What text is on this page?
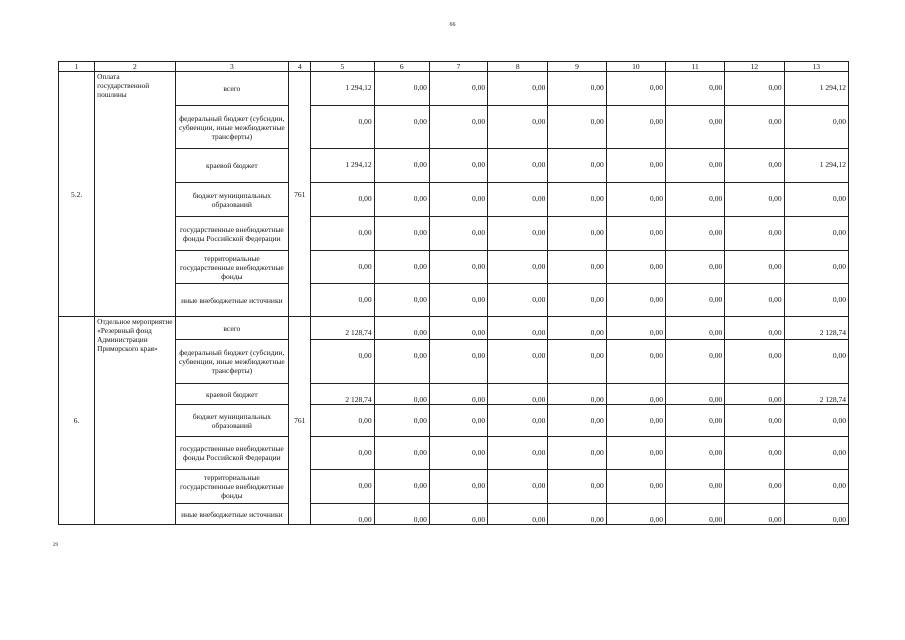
66
1	2	3	4	5	6	7	8	9	10	11	12	13
5.2.	Оплата государственной пошлины	всего	761	1 294,12	0,00	0,00	0,00	0,00	0,00	0,00	0,00	1 294,12
		федеральный бюджет (субсидии, субвенции, иные межбюджетные трансферты)		0,00	0,00	0,00	0,00	0,00	0,00	0,00	0,00	0,00
		краевой бюджет		1 294,12	0,00	0,00	0,00	0,00	0,00	0,00	0,00	1 294,12
		бюджет муниципальных образований		0,00	0,00	0,00	0,00	0,00	0,00	0,00	0,00	0,00
		государственные внебюджетные фонды Российской Федерации		0,00	0,00	0,00	0,00	0,00	0,00	0,00	0,00	0,00
		территориальные государственные внебюджетные фонды		0,00	0,00	0,00	0,00	0,00	0,00	0,00	0,00	0,00
		иные внебюджетные источники		0,00	0,00	0,00	0,00	0,00	0,00	0,00	0,00	0,00
6.	Отдельное мероприятие «Резервный фонд Администрации Приморского края»	всего	761	2 128,74	0,00	0,00	0,00	0,00	0,00	0,00	0,00	2 128,74
		федеральный бюджет (субсидии, субвенции, иные межбюджетные трансферты)		0,00	0,00	0,00	0,00	0,00	0,00	0,00	0,00	0,00
		краевой бюджет		2 128,74	0,00	0,00	0,00	0,00	0,00	0,00	0,00	2 128,74
		бюджет муниципальных образований		0,00	0,00	0,00	0,00	0,00	0,00	0,00	0,00	0,00
		государственные внебюджетные фонды Российской Федерации		0,00	0,00	0,00	0,00	0,00	0,00	0,00	0,00	0,00
		территориальные государственные внебюджетные фонды		0,00	0,00	0,00	0,00	0,00	0,00	0,00	0,00	0,00
		иные внебюджетные источники		0,00	0,00	0,00	0,00	0,00	0,00	0,00	0,00	0,00
29
